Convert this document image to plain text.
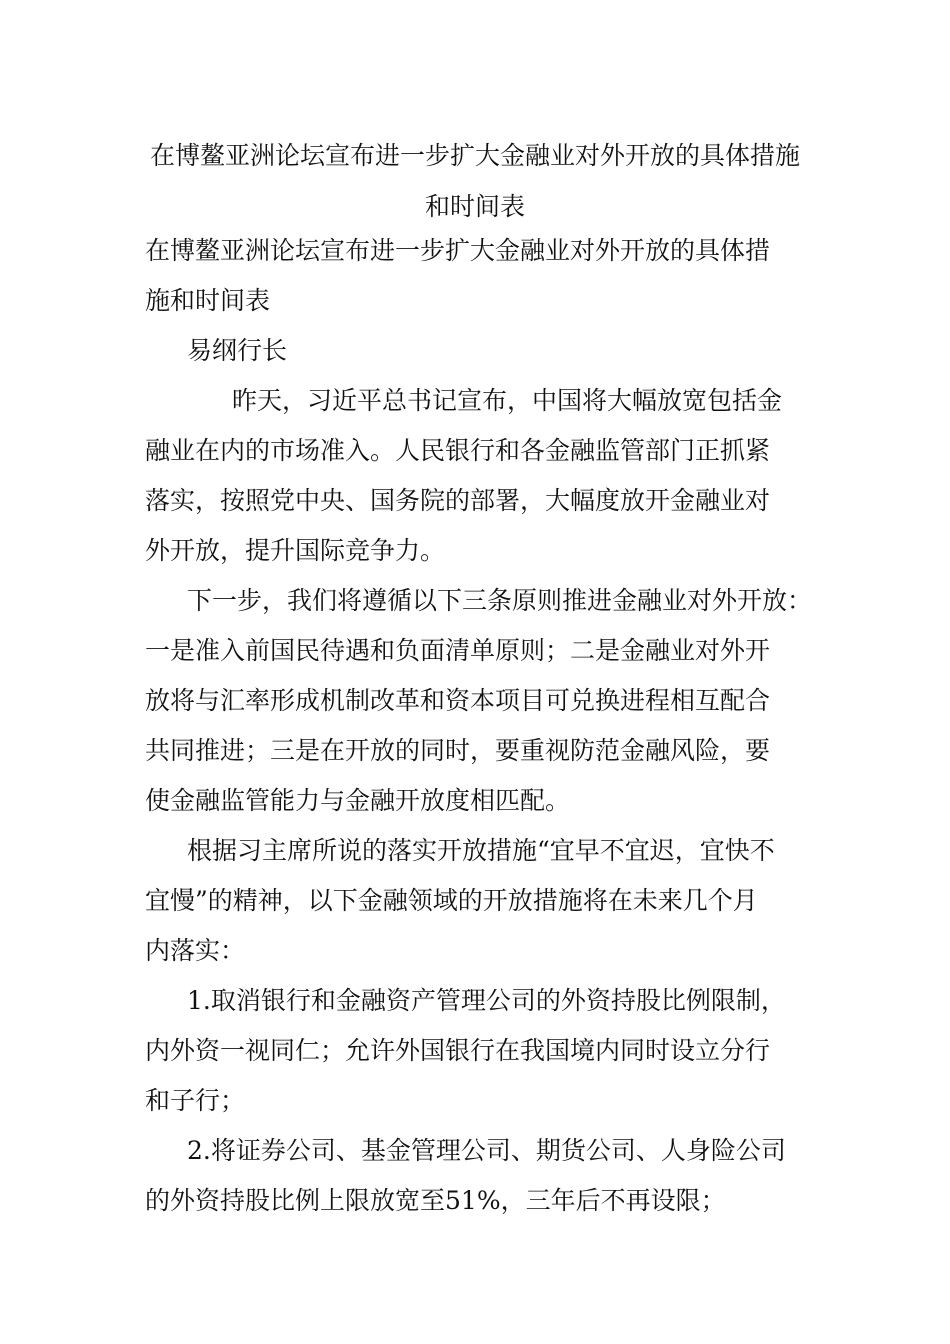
在博鳌亚洲论坛宣布进一步扩大金融业对外开放的具体措施和时间表

在博鳌亚洲论坛宣布进一步扩大金融业对外开放的具体措

施和时间表

易纲行长

昨天，习近平总书记宣布，中国将大幅放宽包括金

融业在内的市场准入。人民银行和各金融监管部门正抓紧

落实，按照党中央、国务院的部署，大幅度放开金融业对

外开放，提升国际竞争力。

下一步，我们将遵循以下三条原则推进金融业对外开放：

一是准入前国民待遇和负面清单原则；二是金融业对外开

放将与汇率形成机制改革和资本项目可兑换进程相互配合

共同推进；三是在开放的同时，要重视防范金融风险，要

使金融监管能力与金融开放度相匹配。

根据习主席所说的落实开放措施“宜早不宜迟，宜快不

宜慢”的精神，以下金融领域的开放措施将在未来几个月

内落实：

1.取消银行和金融资产管理公司的外资持股比例限制，

内外资一视同仁；允许外国银行在我国境内同时设立分行

和子行；

2.将证券公司、基金管理公司、期货公司、人身险公司

的外资持股比例上限放宽至51%，三年后不再设限；
